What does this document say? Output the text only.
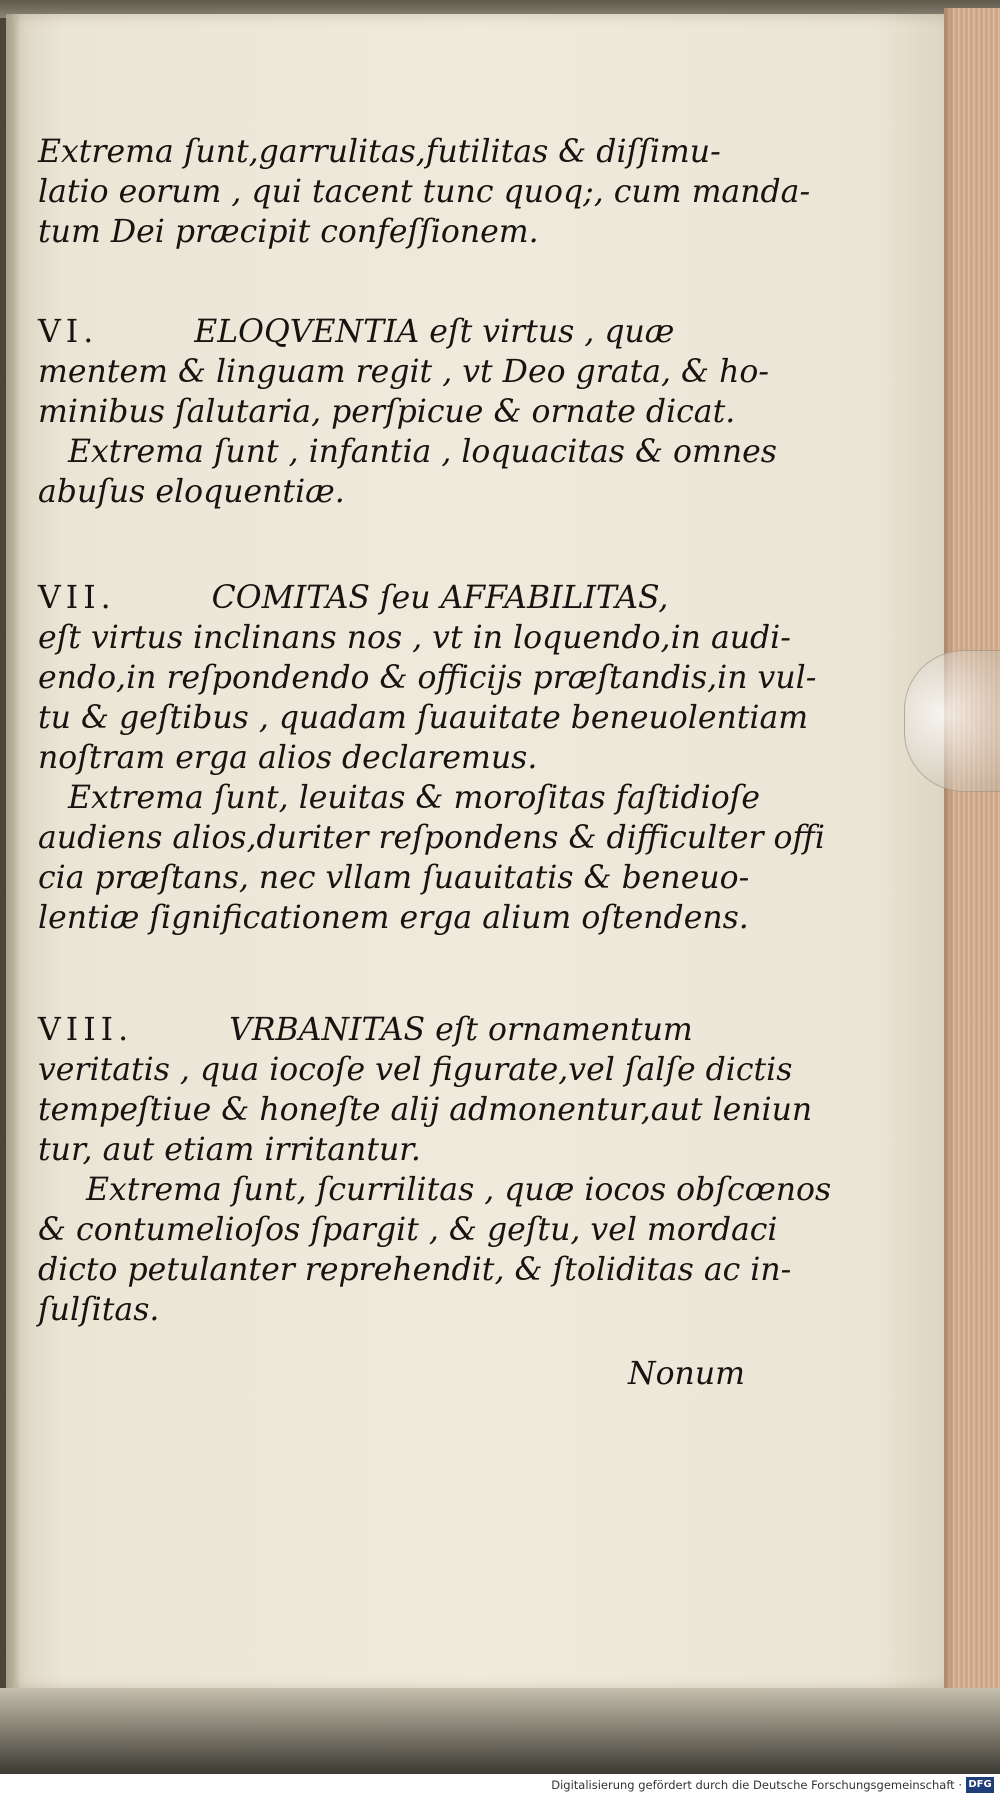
Extrema ſunt,garrulitas,futilitas & diſſimu-
latio eorum , qui tacent tunc quoq;, cum manda-
tum Dei præcipit confeſſionem.
VI.	ELOQVENTIA eſt virtus , quæ
mentem & linguam regit , vt Deo grata, & ho-
minibus ſalutaria, perſpicue & ornate dicat.
Extrema ſunt , infantia , loquacitas & omnes
abuſus eloquentiæ.
VII.	COMITAS ſeu AFFABILITAS,
eſt virtus inclinans nos , vt in loquendo,in audi-
endo,in reſpondendo & officijs præſtandis,in vul-
tu & geſtibus , quadam ſuauitate beneuolentiam
noſtram erga alios declaremus.
Extrema ſunt, leuitas & moroſitas faſtidioſe
audiens alios,duriter reſpondens & difficulter offi
cia præſtans, nec vllam ſuauitatis & beneuo-
lentiæ ſignificationem erga alium oſtendens.
VIII.	VRBANITAS eſt ornamentum
veritatis , qua iocoſe vel figurate,vel ſalſe dictis
tempeſtiue & honeſte alij admonentur,aut leniun
tur, aut etiam irritantur.
Extrema ſunt, ſcurrilitas , quæ iocos obſcœnos
& contumelioſos ſpargit , & geſtu, vel mordaci
dicto petulanter reprehendit, & ſtoliditas ac in-
ſulſitas.
Nonum
Digitalisierung gefördert durch die Deutsche Forschungsgemeinschaft · DFG
